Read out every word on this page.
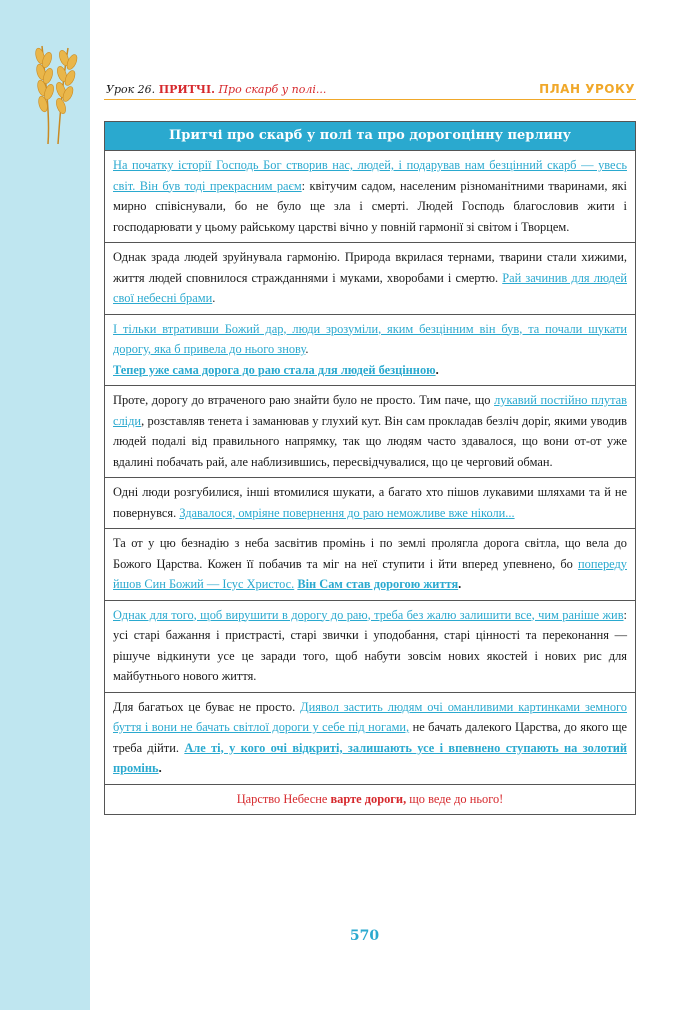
Урок 26. ПРИТЧІ. Про скарб у полі...	ПЛАН УРОКУ
Притчі про скарб у полі та про дорогоцінну перлину
На початку історії Господь Бог створив нас, людей, і подарував нам безцінний скарб — увесь світ. Він був тоді прекрасним раєм: квітучим садом, населеним різноманітними тваринами, які мирно співіснували, бо не було ще зла і смерті. Людей Господь благословив жити і господарювати у цьому райському царстві вічно у повній гармонії зі світом і Творцем.
Однак зрада людей зруйнувала гармонію. Природа вкрилася тернами, тварини стали хижими, життя людей сповнилося стражданнями і муками, хворобами і смертю. Рай зачинив для людей свої небесні брами.
І тільки втративши Божий дар, люди зрозуміли, яким безцінним він був, та почали шукати дорогу, яка б привела до нього знову.
Тепер уже сама дорога до раю стала для людей безцінною.
Проте, дорогу до втраченого раю знайти було не просто. Тим паче, що лукавий постійно плутав сліди, розставляв тенета і заманював у глухий кут. Він сам прокладав безліч доріг, якими уводив людей подалі від правильного напрямку, так що людям часто здавалося, що вони от-от уже вдалині побачать рай, але наблизившись, пересвідчувалися, що це черговий обман.
Одні люди розгубилися, інші втомилися шукати, а багато хто пішов лукавими шляхами та й не повернувся. Здавалося, омріяне повернення до раю неможливе вже ніколи...
Та от у цю безнадію з неба засвітив промінь і по землі пролягла дорога світла, що вела до Божого Царства. Кожен її побачив та міг на неї ступити і йти вперед упевнено, бо попереду йшов Син Божий — Ісус Христос. Він Сам став дорогою життя.
Однак для того, щоб вирушити в дорогу до раю, треба без жалю залишити все, чим раніше жив: усі старі бажання і пристрасті, старі звички і уподобання, старі цінності та переконання — рішуче відкинути усе це заради того, щоб набути зовсім нових якостей і нових рис для майбутнього нового життя.
Для багатьох це буває не просто. Диявол застить людям очі оманливими картинками земного буття і вони не бачать світлої дороги у себе під ногами, не бачать далекого Царства, до якого ще треба дійти. Але ті, у кого очі відкриті, залишають усе і впевнено ступають на золотий промінь.
Царство Небесне варте дороги, що веде до нього!
570
